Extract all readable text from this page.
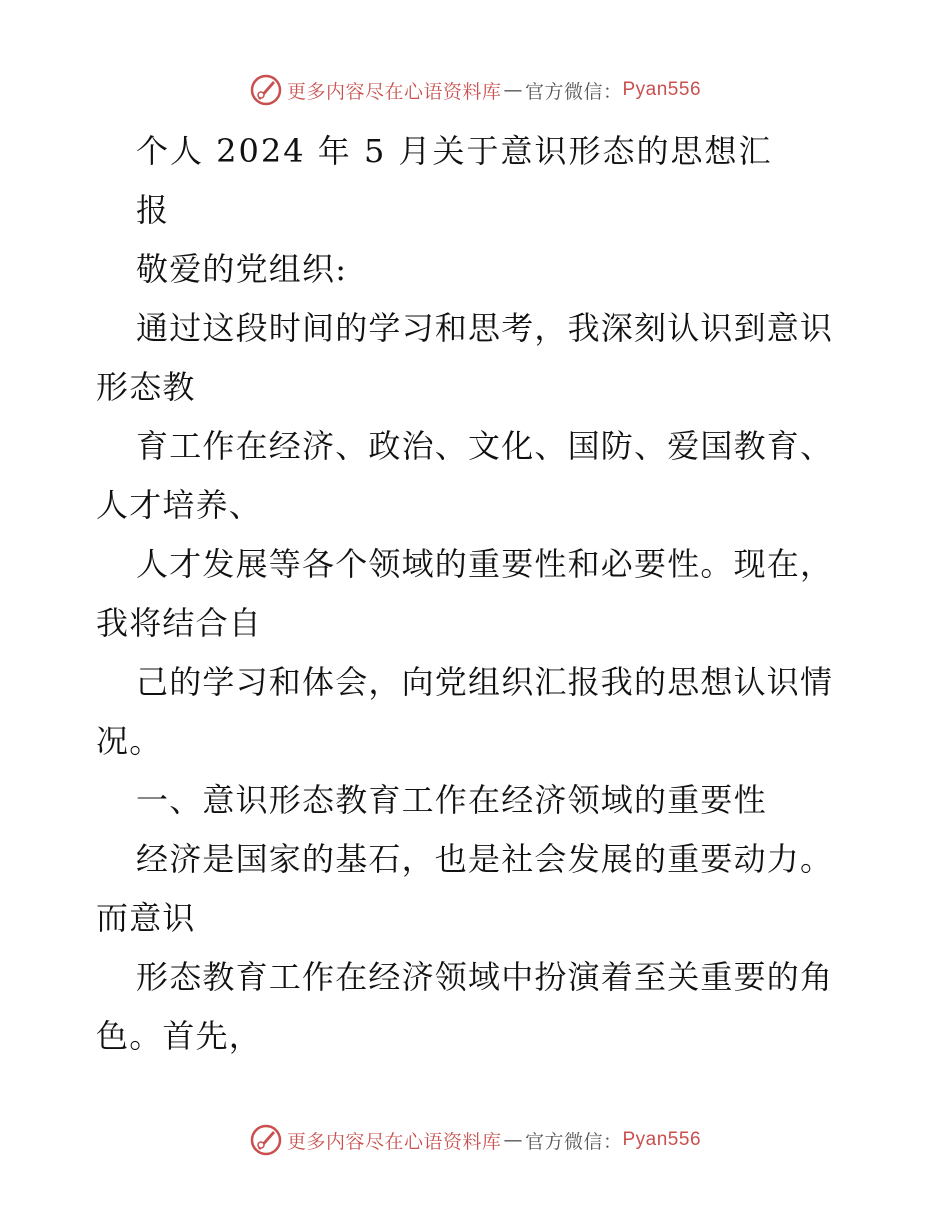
更多内容尽在心语资料库 — 官方微信： Pyan556
个人 2024 年 5 月关于意识形态的思想汇
报
敬爱的党组织:
通过这段时间的学习和思考，我深刻认识到意识
形态教
育工作在经济、政治、文化、国防、爱国教育、
人才培养、
人才发展等各个领域的重要性和必要性。现在，
我将结合自
己的学习和体会，向党组织汇报我的思想认识情
况。
一、意识形态教育工作在经济领域的重要性
经济是国家的基石，也是社会发展的重要动力。
而意识
形态教育工作在经济领域中扮演着至关重要的角
色。首先，
更多内容尽在心语资料库 — 官方微信： Pyan556
